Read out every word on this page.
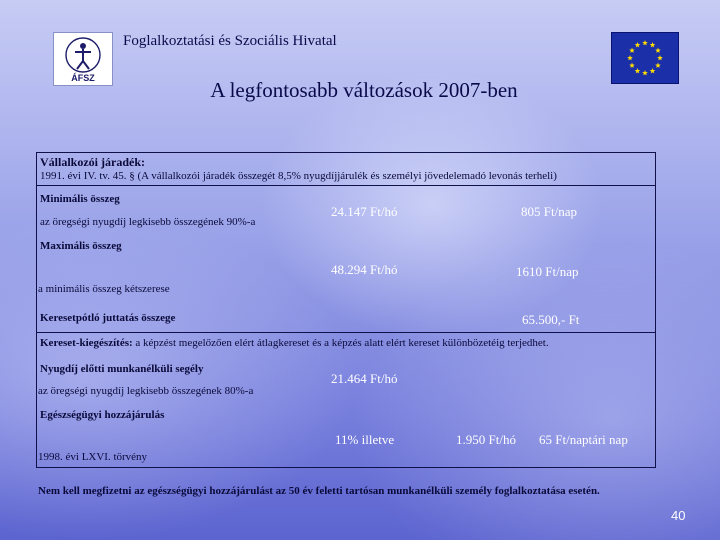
ÁFSZ
Foglalkoztatási és Szociális Hivatal
A legfontosabb változások 2007-ben
Vállalkozói járadék:
1991. évi IV. tv. 45. § (A vállalkozói járadék összegét 8,5% nyugdíjjárulék és személyi jövedelemadó levonás terheli)
Minimális összeg
az öregségi nyugdíj legkisebb összegének 90%-a
24.147 Ft/hó	805 Ft/nap
Maximális összeg
48.294 Ft/hó	1610 Ft/nap
a minimális összeg kétszerese
Keresetpótló juttatás összege	65.500,- Ft
Kereset-kiegészítés: a képzést megelőzően elért átlagkereset és a képzés alatt elért kereset különbözetéig terjedhet.
Nyugdíj előtti munkanélküli segély
21.464 Ft/hó
az öregségi nyugdíj legkisebb összegének 80%-a
Egészségügyi hozzájárulás
11% illetve	1.950 Ft/hó 65 Ft/naptári nap
1998. évi LXVI. törvény
Nem kell megfizetni az egészségügyi hozzájárulást az 50 év feletti tartósan munkanélküli személy foglalkoztatása esetén.
40
